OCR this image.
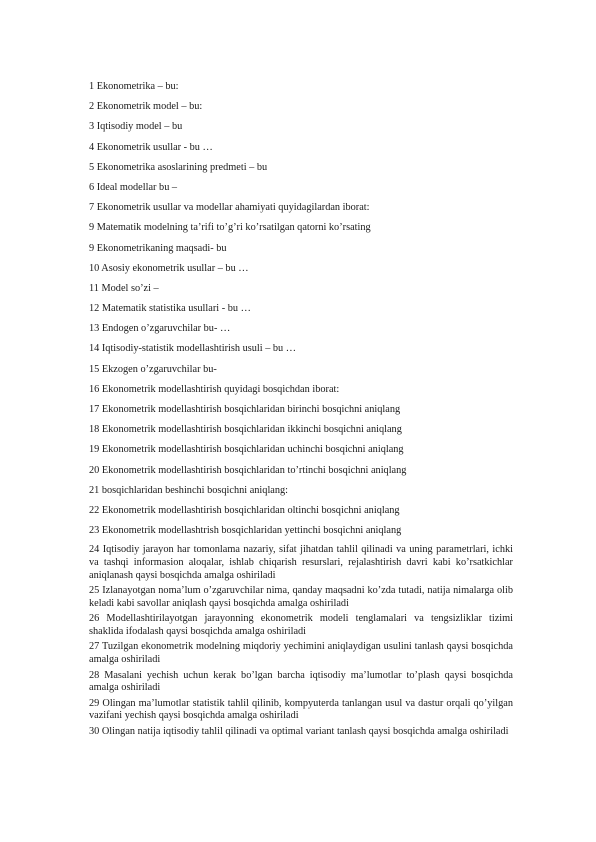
1 Ekonometrika – bu:

2 Ekonometrik model – bu:

3 Iqtisodiy model – bu

4 Ekonometrik usullar - bu …

5 Ekonometrika asoslarining predmeti – bu

6 Ideal modellar bu –

7 Ekonometrik usullar va modellar ahamiyati quyidagilardan iborat:

9 Matematik modelning ta’rifi to’g’ri ko’rsatilgan qatorni ko’rsating

9 Ekonometrikaning maqsadi- bu

10 Asosiy ekonometrik usullar – bu …

11 Model so’zi –

12 Matematik statistika usullari - bu …

13 Endogen o’zgaruvchilar bu- …

14 Iqtisodiy-statistik modellashtirish usuli – bu …

15 Ekzogen o’zgaruvchilar bu-

16 Ekonometrik modellashtirish quyidagi bosqichdan iborat:

17 Ekonometrik modellashtirish bosqichlaridan birinchi bosqichni aniqlang

18 Ekonometrik modellashtirish bosqichlaridan ikkinchi bosqichni aniqlang

19 Ekonometrik modellashtirish bosqichlaridan uchinchi bosqichni aniqlang

20 Ekonometrik modellashtirish bosqichlaridan to’rtinchi bosqichni aniqlang

21 bosqichlaridan beshinchi bosqichni aniqlang:

22 Ekonometrik modellashtirish bosqichlaridan oltinchi bosqichni aniqlang

23 Ekonometrik modellashtrish bosqichlaridan yettinchi bosqichni aniqlang

24 Iqtisodiy jarayon har tomonlama nazariy, sifat jihatdan tahlil qilinadi va uning parametrlari, ichki va tashqi informasion aloqalar, ishlab chiqarish resurslari, rejalashtirish davri kabi ko’rsatkichlar aniqlanash qaysi bosqichda amalga oshiriladi

25 Izlanayotgan noma’lum o’zgaruvchilar nima, qanday maqsadni ko’zda tutadi, natija nimalarga olib keladi kabi savollar aniqlash qaysi bosqichda amalga oshiriladi

26 Modellashtirilayotgan jarayonning ekonometrik modeli tenglamalari va tengsizliklar tizimi shaklida ifodalash qaysi bosqichda amalga oshiriladi

27 Tuzilgan ekonometrik modelning miqdoriy yechimini aniqlaydigan usulini tanlash qaysi bosqichda amalga oshiriladi

28 Masalani yechish uchun kerak bo’lgan barcha iqtisodiy ma’lumotlar to’plash qaysi bosqichda amalga oshiriladi

29 Olingan ma’lumotlar statistik tahlil qilinib, kompyuterda tanlangan usul va dastur orqali qo’yilgan vazifani yechish qaysi bosqichda amalga oshiriladi

30 Olingan natija iqtisodiy tahlil qilinadi va optimal variant tanlash qaysi bosqichda amalga oshiriladi
